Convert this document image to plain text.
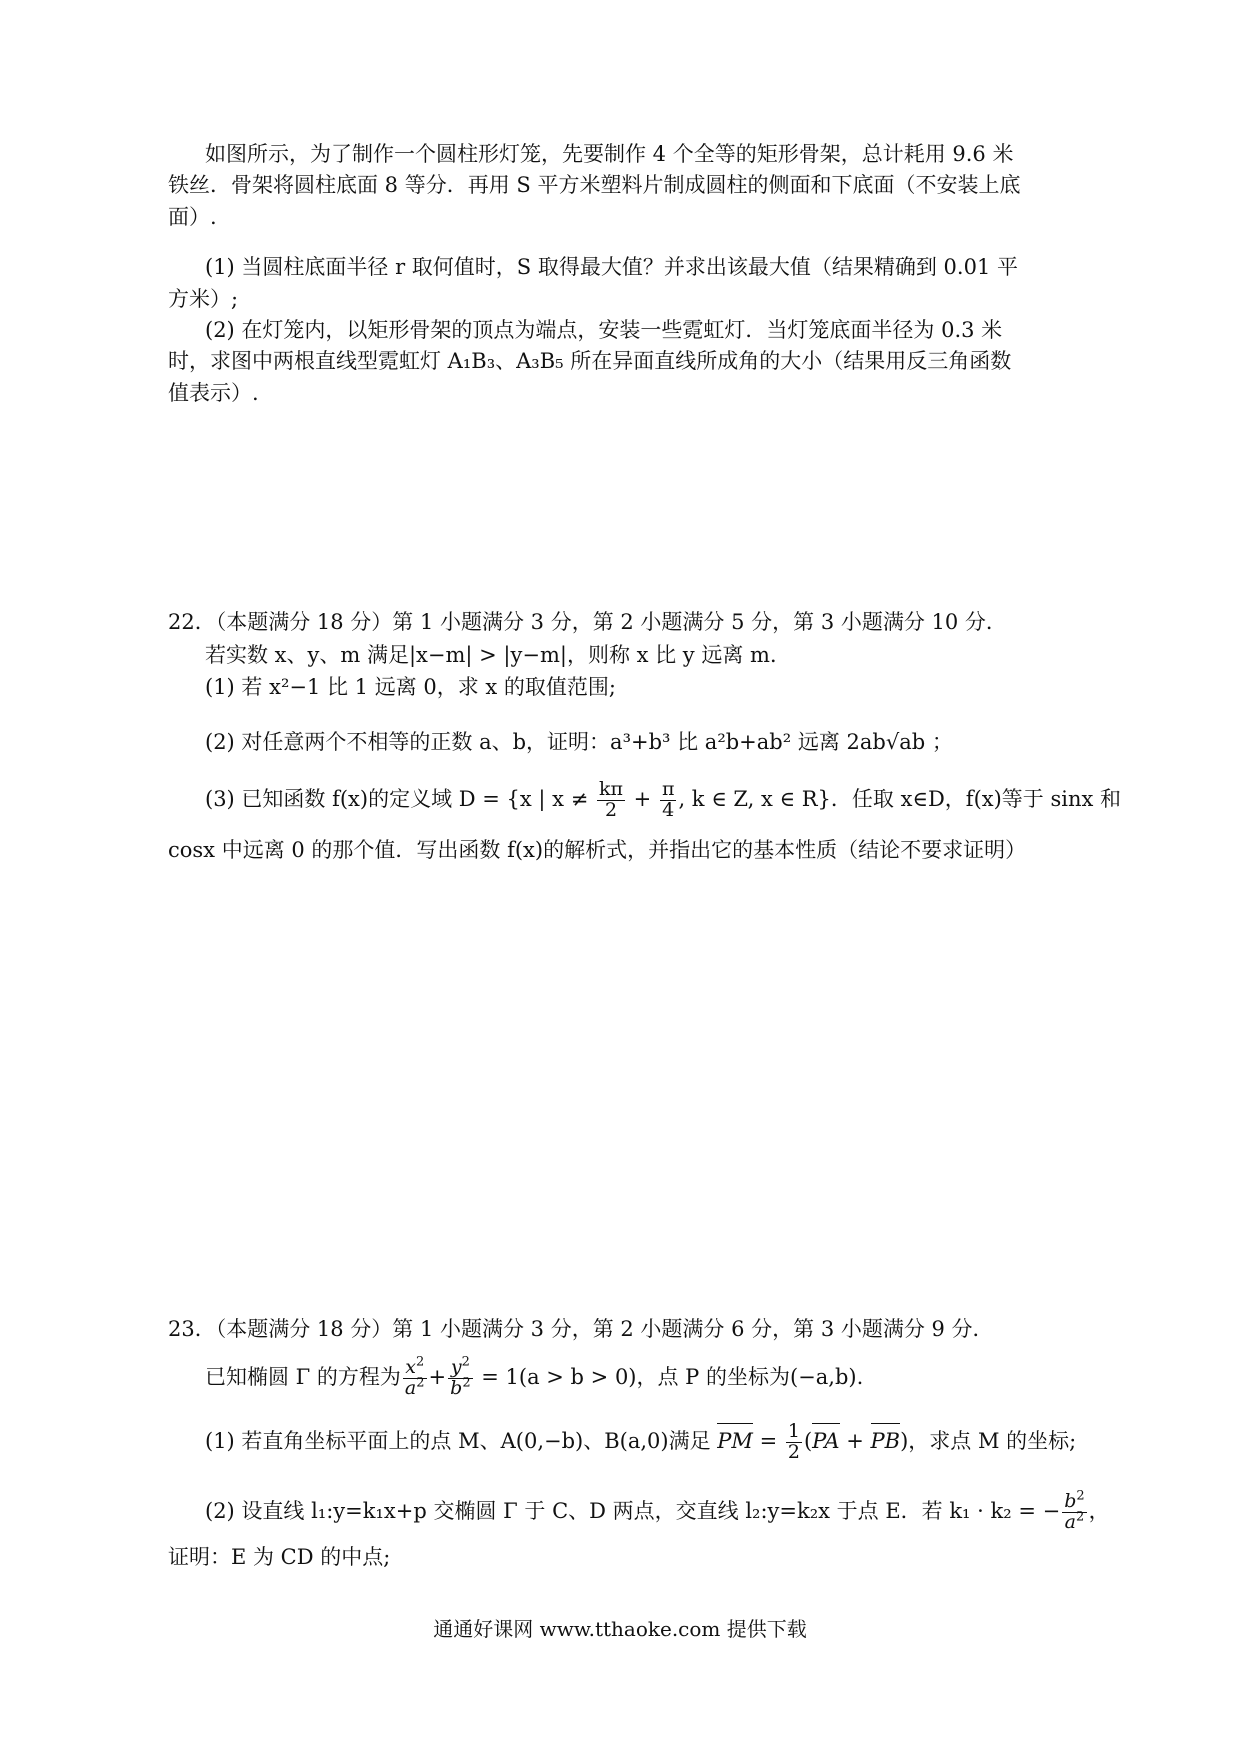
如图所示，为了制作一个圆柱形灯笼，先要制作 4 个全等的矩形骨架，总计耗用 9.6 米
铁丝．骨架将圆柱底面 8 等分．再用 S 平方米塑料片制成圆柱的侧面和下底面（不安装上底
面）.
(1) 当圆柱底面半径 r 取何值时，S 取得最大值？并求出该最大值（结果精确到 0.01 平
方米）;
(2) 在灯笼内，以矩形骨架的顶点为端点，安装一些霓虹灯．当灯笼底面半径为 0.3 米
时，求图中两根直线型霓虹灯 A₁B₃、A₃B₅ 所在异面直线所成角的大小（结果用反三角函数
值表示）.
22．（本题满分 18 分）第 1 小题满分 3 分，第 2 小题满分 5 分，第 3 小题满分 10 分．
若实数 x、y、m 满足|x−m| > |y−m|，则称 x 比 y 远离 m．
(1) 若 x²−1 比 1 远离 0，求 x 的取值范围;
(2) 对任意两个不相等的正数 a、b，证明：a³+b³ 比 a²b+ab² 远离 2ab√ab ；
(3) 已知函数 f(x)的定义域 D = {x | $x \ne \frac{k\pi}{2} + \frac{\pi}{4}$ , k ∈ Z, x ∈ R}．任取 x∈D，f(x)等于 sinx 和
cosx 中远离 0 的那个值．写出函数 f(x)的解析式，并指出它的基本性质（结论不要求证明）
23．（本题满分 18 分）第 1 小题满分 3 分，第 2 小题满分 6 分，第 3 小题满分 9 分．
已知椭圆 Γ 的方程为 $\frac{x^2}{a^2} + \frac{y^2}{b^2} = 1(a > b > 0)$，点 P 的坐标为(−a,b).
(1) 若直角坐标平面上的点 M、A(0,−b)、B(a,0)满足 PM = $\frac{1}{2} (PA + PB)$，求点 M 的坐标;
(2) 设直线 l₁:y=k₁x+p 交椭圆 Γ 于 C、D 两点，交直线 l₂:y=k₂x 于点 E．若 k₁ · k₂ = − $\frac{b^2}{a^2}$ ，
证明：E 为 CD 的中点;
通通好课网 www.tthaoke.com 提供下载
